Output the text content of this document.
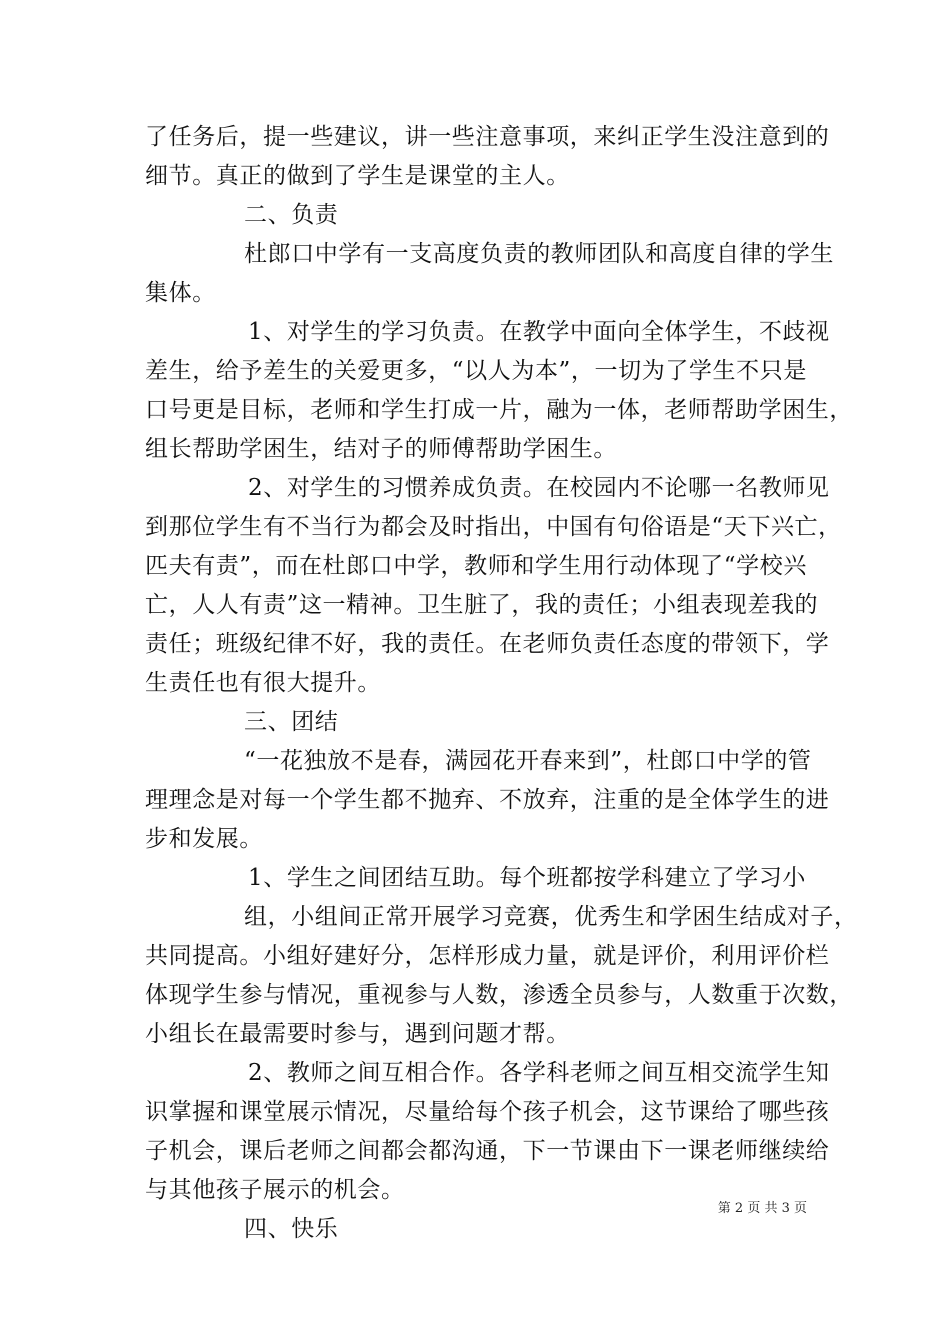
了任务后，提一些建议，讲一些注意事项，来纠正学生没注意到的
细节。真正的做到了学生是课堂的主人。
二、负责
杜郎口中学有一支高度负责的教师团队和高度自律的学生
集体。
1、对学生的学习负责。在教学中面向全体学生，不歧视
差生，给予差生的关爱更多，“以人为本”，一切为了学生不只是
口号更是目标，老师和学生打成一片，融为一体，老师帮助学困生，
组长帮助学困生，结对子的师傅帮助学困生。
2、对学生的习惯养成负责。在校园内不论哪一名教师见
到那位学生有不当行为都会及时指出，中国有句俗语是“天下兴亡，
匹夫有责”，而在杜郎口中学，教师和学生用行动体现了“学校兴
亡，人人有责”这一精神。卫生脏了，我的责任；小组表现差我的
责任；班级纪律不好，我的责任。在老师负责任态度的带领下，学
生责任也有很大提升。
三、团结
“一花独放不是春，满园花开春来到”，杜郎口中学的管
理理念是对每一个学生都不抛弃、不放弃，注重的是全体学生的进
步和发展。
1、学生之间团结互助。每个班都按学科建立了学习小
组，小组间正常开展学习竞赛，优秀生和学困生结成对子，
共同提高。小组好建好分，怎样形成力量，就是评价，利用评价栏
体现学生参与情况，重视参与人数，渗透全员参与，人数重于次数，
小组长在最需要时参与，遇到问题才帮。
2、教师之间互相合作。各学科老师之间互相交流学生知
识掌握和课堂展示情况，尽量给每个孩子机会，这节课给了哪些孩
子机会，课后老师之间都会都沟通，下一节课由下一课老师继续给
与其他孩子展示的机会。
四、快乐
第 2 页 共 3 页
